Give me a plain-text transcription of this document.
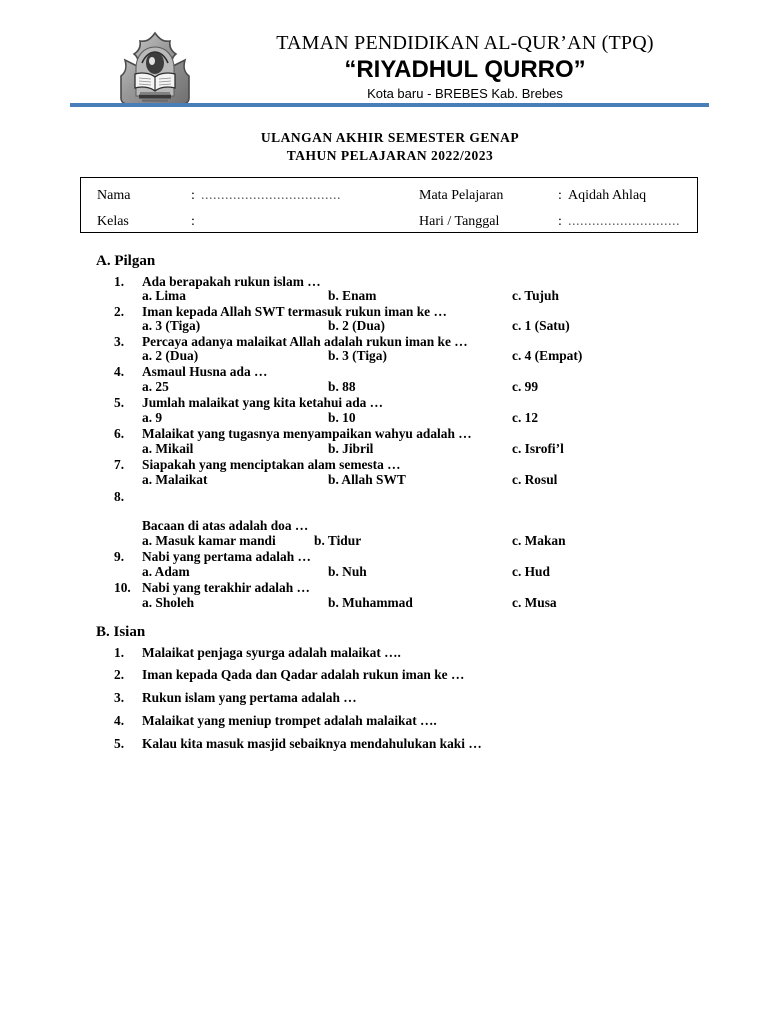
TAMAN PENDIDIKAN AL-QUR’AN (TPQ)
“RIYADHUL QURRO”
Kota baru - BREBES Kab. Brebes
ULANGAN AKHIR SEMESTER GENAP
TAHUN PELAJARAN 2022/2023
Nama	: ...................................	Mata Pelajaran	: Aqidah Ahlaq
Kelas	:	Hari / Tanggal	: ............................
A. Pilgan
1.	Ada berapakah rukun islam …
a. Lima	b. Enam	c. Tujuh
2.	Iman kepada Allah SWT termasuk rukun iman ke …
a. 3 (Tiga)	b. 2 (Dua)	c. 1 (Satu)
3.	Percaya adanya malaikat Allah adalah rukun iman ke …
a. 2 (Dua)	b. 3 (Tiga)	c. 4 (Empat)
4.	Asmaul Husna ada …
a. 25	b. 88	c. 99
5.	Jumlah malaikat yang kita ketahui ada …
a. 9	b. 10	c. 12
6.	Malaikat yang tugasnya menyampaikan wahyu adalah …
a. Mikail	b. Jibril	c. Isrofi’l
7.	Siapakah yang menciptakan alam semesta …
a. Malaikat	b. Allah SWT	c. Rosul
8.
Bacaan di atas adalah doa …
a. Masuk kamar mandi	b. Tidur	c. Makan
9.	Nabi yang pertama adalah …
a. Adam	b. Nuh	c. Hud
10. Nabi yang terakhir adalah …
a. Sholeh	b. Muhammad	c. Musa
B. Isian
1.	Malaikat penjaga syurga adalah malaikat ….
2.	Iman kepada Qada dan Qadar adalah rukun iman ke …
3.	Rukun islam yang pertama adalah …
4.	Malaikat yang meniup trompet adalah malaikat ….
5.	Kalau kita masuk masjid sebaiknya mendahulukan kaki …
